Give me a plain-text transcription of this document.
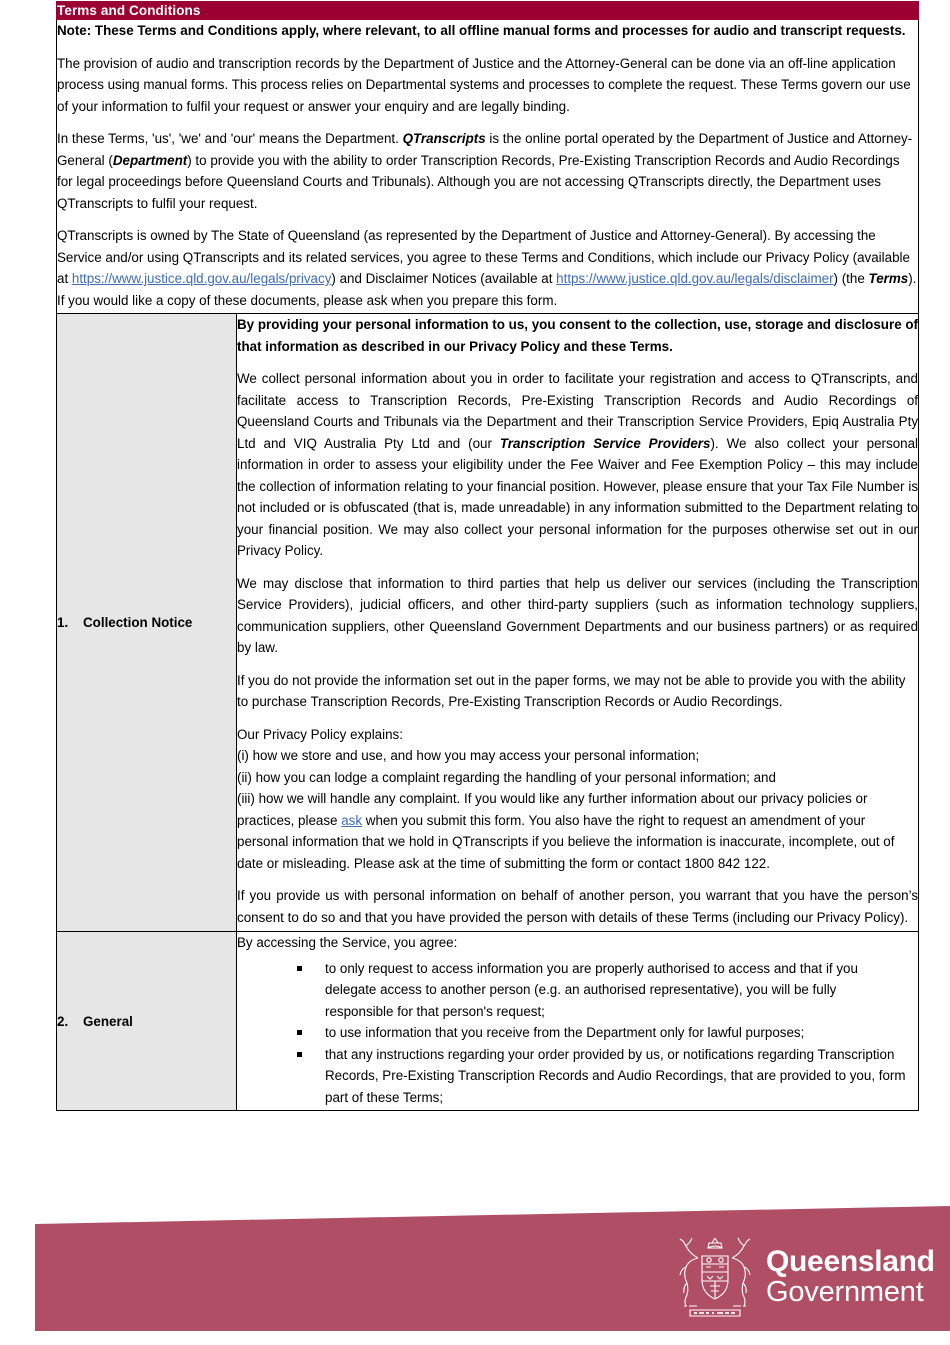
Terms and Conditions	

Note: These Terms and Conditions apply, where relevant, to all offline manual forms and processes for audio and transcript requests.

The provision of audio and transcription records by the Department of Justice and the Attorney-General can be done via an off-line application process using manual forms. This process relies on Departmental systems and processes to complete the request. These Terms govern our use of your information to fulfil your request or answer your enquiry and are legally binding.

In these Terms, 'us', 'we' and 'our' means the Department. QTranscripts is the online portal operated by the Department of Justice and Attorney-General (Department) to provide you with the ability to order Transcription Records, Pre-Existing Transcription Records and Audio Recordings for legal proceedings before Queensland Courts and Tribunals). Although you are not accessing QTranscripts directly, the Department uses QTranscripts to fulfil your request.

QTranscripts is owned by The State of Queensland (as represented by the Department of Justice and Attorney-General). By accessing the Service and/or using QTranscripts and its related services, you agree to these Terms and Conditions, which include our Privacy Policy (available at https://www.justice.qld.gov.au/legals/privacy) and Disclaimer Notices (available at https://www.justice.qld.gov.au/legals/disclaimer) (the Terms). If you would like a copy of these documents, please ask when you prepare this form.	

1. Collection Notice

By providing your personal information to us, you consent to the collection, use, storage and disclosure of that information as described in our Privacy Policy and these Terms.

We collect personal information about you in order to facilitate your registration and access to QTranscripts, and facilitate access to Transcription Records, Pre-Existing Transcription Records and Audio Recordings of Queensland Courts and Tribunals via the Department and their Transcription Service Providers, Epiq Australia Pty Ltd and VIQ Australia Pty Ltd and (our Transcription Service Providers). We also collect your personal information in order to assess your eligibility under the Fee Waiver and Fee Exemption Policy – this may include the collection of information relating to your financial position. However, please ensure that your Tax File Number is not included or is obfuscated (that is, made unreadable) in any information submitted to the Department relating to your financial position. We may also collect your personal information for the purposes otherwise set out in our Privacy Policy.

We may disclose that information to third parties that help us deliver our services (including the Transcription Service Providers), judicial officers, and other third-party suppliers (such as information technology suppliers, communication suppliers, other Queensland Government Departments and our business partners) or as required by law.

If you do not provide the information set out in the paper forms, we may not be able to provide you with the ability to purchase Transcription Records, Pre-Existing Transcription Records or Audio Recordings.

Our Privacy Policy explains:
(i) how we store and use, and how you may access your personal information;
(ii) how you can lodge a complaint regarding the handling of your personal information; and
(iii) how we will handle any complaint. If you would like any further information about our privacy policies or practices, please ask when you submit this form. You also have the right to request an amendment of your personal information that we hold in QTranscripts if you believe the information is inaccurate, incomplete, out of date or misleading. Please ask at the time of submitting the form or contact 1800 842 122.

If you provide us with personal information on behalf of another person, you warrant that you have the person’s consent to do so and that you have provided the person with details of these Terms (including our Privacy Policy).

2. General

By accessing the Service, you agree:

to only request to access information you are properly authorised to access and that if you delegate access to another person (e.g. an authorised representative), you will be fully responsible for that person's request;
to use information that you receive from the Department only for lawful purposes;
that any instructions regarding your order provided by us, or notifications regarding Transcription Records, Pre-Existing Transcription Records and Audio Recordings, that are provided to you, form part of these Terms;
Queensland
Government
